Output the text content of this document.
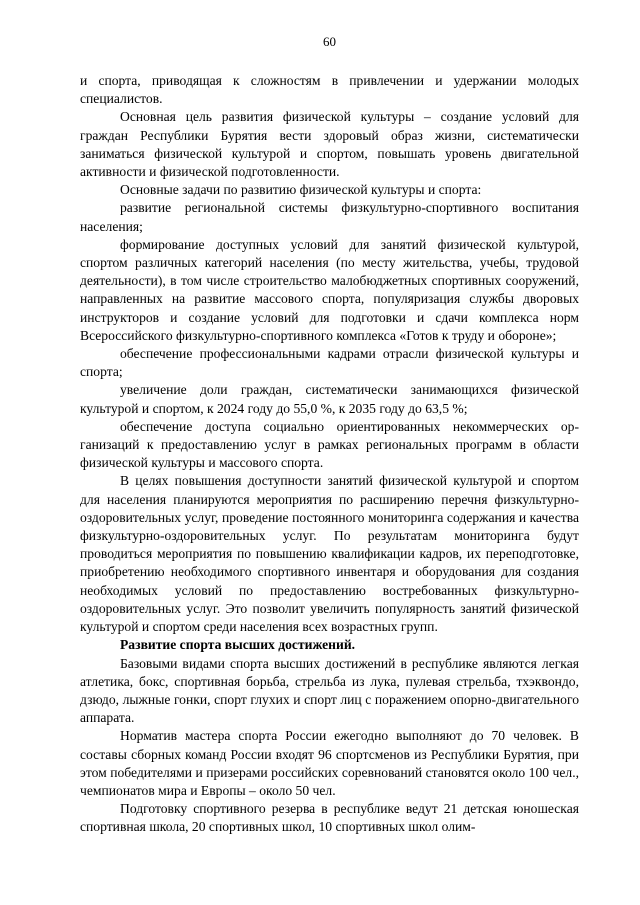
60

и спорта, приводящая к сложностям в привлечении и удержании молодых специалистов.

Основная цель развития физической культуры – создание условий для граждан Республики Бурятия вести здоровый образ жизни, систематически заниматься физической культурой и спортом, повышать уровень двигательной активности и физической подготовленности.

Основные задачи по развитию физической культуры и спорта:

развитие региональной системы физкультурно-спортивного воспитания населения;

формирование доступных условий для занятий физической культурой, спортом различных категорий населения (по месту жительства, учебы, трудовой деятельности), в том числе строительство малобюджетных спортивных сооружений, направленных на развитие массового спорта, популяризация службы дворовых инструкторов и создание условий для подготовки и сдачи комплекса норм Всероссийского физкультурно-спортивного комплекса «Готов к труду и обороне»;

обеспечение профессиональными кадрами отрасли физической культуры и спорта;

увеличение доли граждан, систематически занимающихся физической культурой и спортом, к 2024 году до 55,0 %, к 2035 году до 63,5 %;

обеспечение доступа социально ориентированных некоммерческих организаций к предоставлению услуг в рамках региональных программ в области физической культуры и массового спорта.

В целях повышения доступности занятий физической культурой и спортом для населения планируются мероприятия по расширению перечня физкультурно-оздоровительных услуг, проведение постоянного мониторинга содержания и качества физкультурно-оздоровительных услуг. По результатам мониторинга будут проводиться мероприятия по повышению квалификации кадров, их переподготовке, приобретению необходимого спортивного инвентаря и оборудования для создания необходимых условий по предоставлению востребованных физкультурно-оздоровительных услуг. Это позволит увеличить популярность занятий физической культурой и спортом среди населения всех возрастных групп.

Развитие спорта высших достижений.

Базовыми видами спорта высших достижений в республике являются легкая атлетика, бокс, спортивная борьба, стрельба из лука, пулевая стрельба, тхэквондо, дзюдо, лыжные гонки, спорт глухих и спорт лиц с поражением опорно-двигательного аппарата.

Норматив мастера спорта России ежегодно выполняют до 70 человек. В составы сборных команд России входят 96 спортсменов из Республики Бурятия, при этом победителями и призерами российских соревнований становятся около 100 чел., чемпионатов мира и Европы – около 50 чел.

Подготовку спортивного резерва в республике ведут 21 детская юношеская спортивная школа, 20 спортивных школ, 10 спортивных школ олим-
